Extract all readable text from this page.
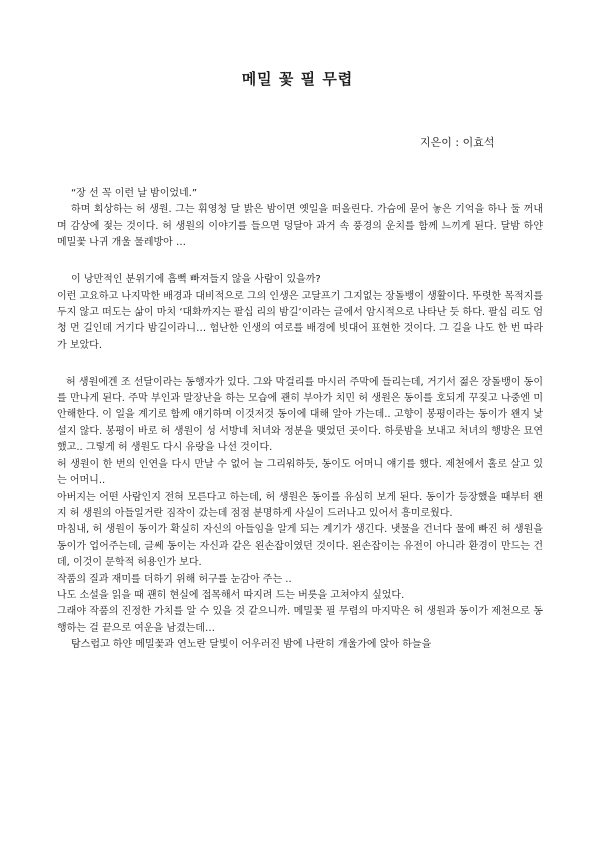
메밀 꽃 필 무렵
지은이 : 이효석

“장 선 꼭 이런 날 밤이었네.”

하며 회상하는 허 생원. 그는 휘영청 달 밝은 밤이면 옛일을 떠올린다. 가슴에 묻어 놓은 기억을 하나 둘 꺼내며 감상에 젖는 것이다. 허 생원의 이야기를 들으면 덩달아 과거 속 풍경의 운치를 함께 느끼게 된다. 달밤 하얀 메밀꽃 나귀 개울 물레방아 …

이 낭만적인 분위기에 흠뻑 빠져들지 않을 사람이 있을까?

이런 고요하고 나지막한 배경과 대비적으로 그의 인생은 고달프기 그지없는 장돌뱅이 생활이다. 뚜렷한 목적지를 두지 않고 떠도는 삶이 마치 ‘대화까지는 팔십 리의 밤길’이라는 글에서 암시적으로 나타난 듯 하다. 팔십 리도 엄청 먼 길인데 거기다 밤길이라니… 험난한 인생의 여로를 배경에 빗대어 표현한 것이다. 그 길을 나도 한 번 따라가 보았다.

허 생원에겐 조 선달이라는 동행자가 있다. 그와 막걸리를 마시러 주막에 들리는데, 거기서 젊은 장돌뱅이 동이를 만나게 된다. 주막 부인과 말장난을 하는 모습에 괜히 부아가 치민 허 생원은 동이를 호되게 꾸짖고 나중엔 미안해한다. 이 일을 계기로 함께 얘기하며 이것저것 동이에 대해 알아 가는데.. 고향이 봉평이라는 동이가 왠지 낯설지 않다. 봉평이 바로 허 생원이 성 서방네 처녀와 정분을 맺었던 곳이다. 하룻밤을 보내고 처녀의 행방은 묘연했고.. 그렇게 허 생원도 다시 유랑을 나선 것이다.

허 생원이 한 번의 인연을 다시 만날 수 없어 늘 그리워하듯, 동이도 어머니 얘기를 했다. 제천에서 홀로 살고 있는 어머니..

아버지는 어떤 사람인지 전혀 모른다고 하는데, 허 생원은 동이를 유심히 보게 된다. 동이가 등장했을 때부터 왠지 허 생원의 아들일거란 짐작이 갔는데 점점 분명하게 사실이 드러나고 있어서 흥미로웠다.

마침내, 허 생원이 동이가 확실히 자신의 아들임을 알게 되는 계기가 생긴다. 냇물을 건너다 물에 빠진 허 생원을 동이가 업어주는데, 글쎄 동이는 자신과 같은 왼손잡이였던 것이다. 왼손잡이는 유전이 아니라 환경이 만드는 건데, 이것이 문학적 허용인가 보다.

작품의 질과 재미를 더하기 위해 허구를 눈감아 주는 ..

나도 소설을 읽을 때 괜히 현실에 접목해서 따지려 드는 버릇을 고쳐야지 싶었다.

그래야 작품의 진정한 가치를 알 수 있을 것 같으니까. 메밀꽃 필 무렵의 마지막은 허 생원과 동이가 제천으로 동행하는 걸 끝으로 여운을 남겼는데…

탐스럽고 하얀 메밀꽃과 연노란 달빛이 어우러진 밤에 나란히 개울가에 앉아 하늘을
